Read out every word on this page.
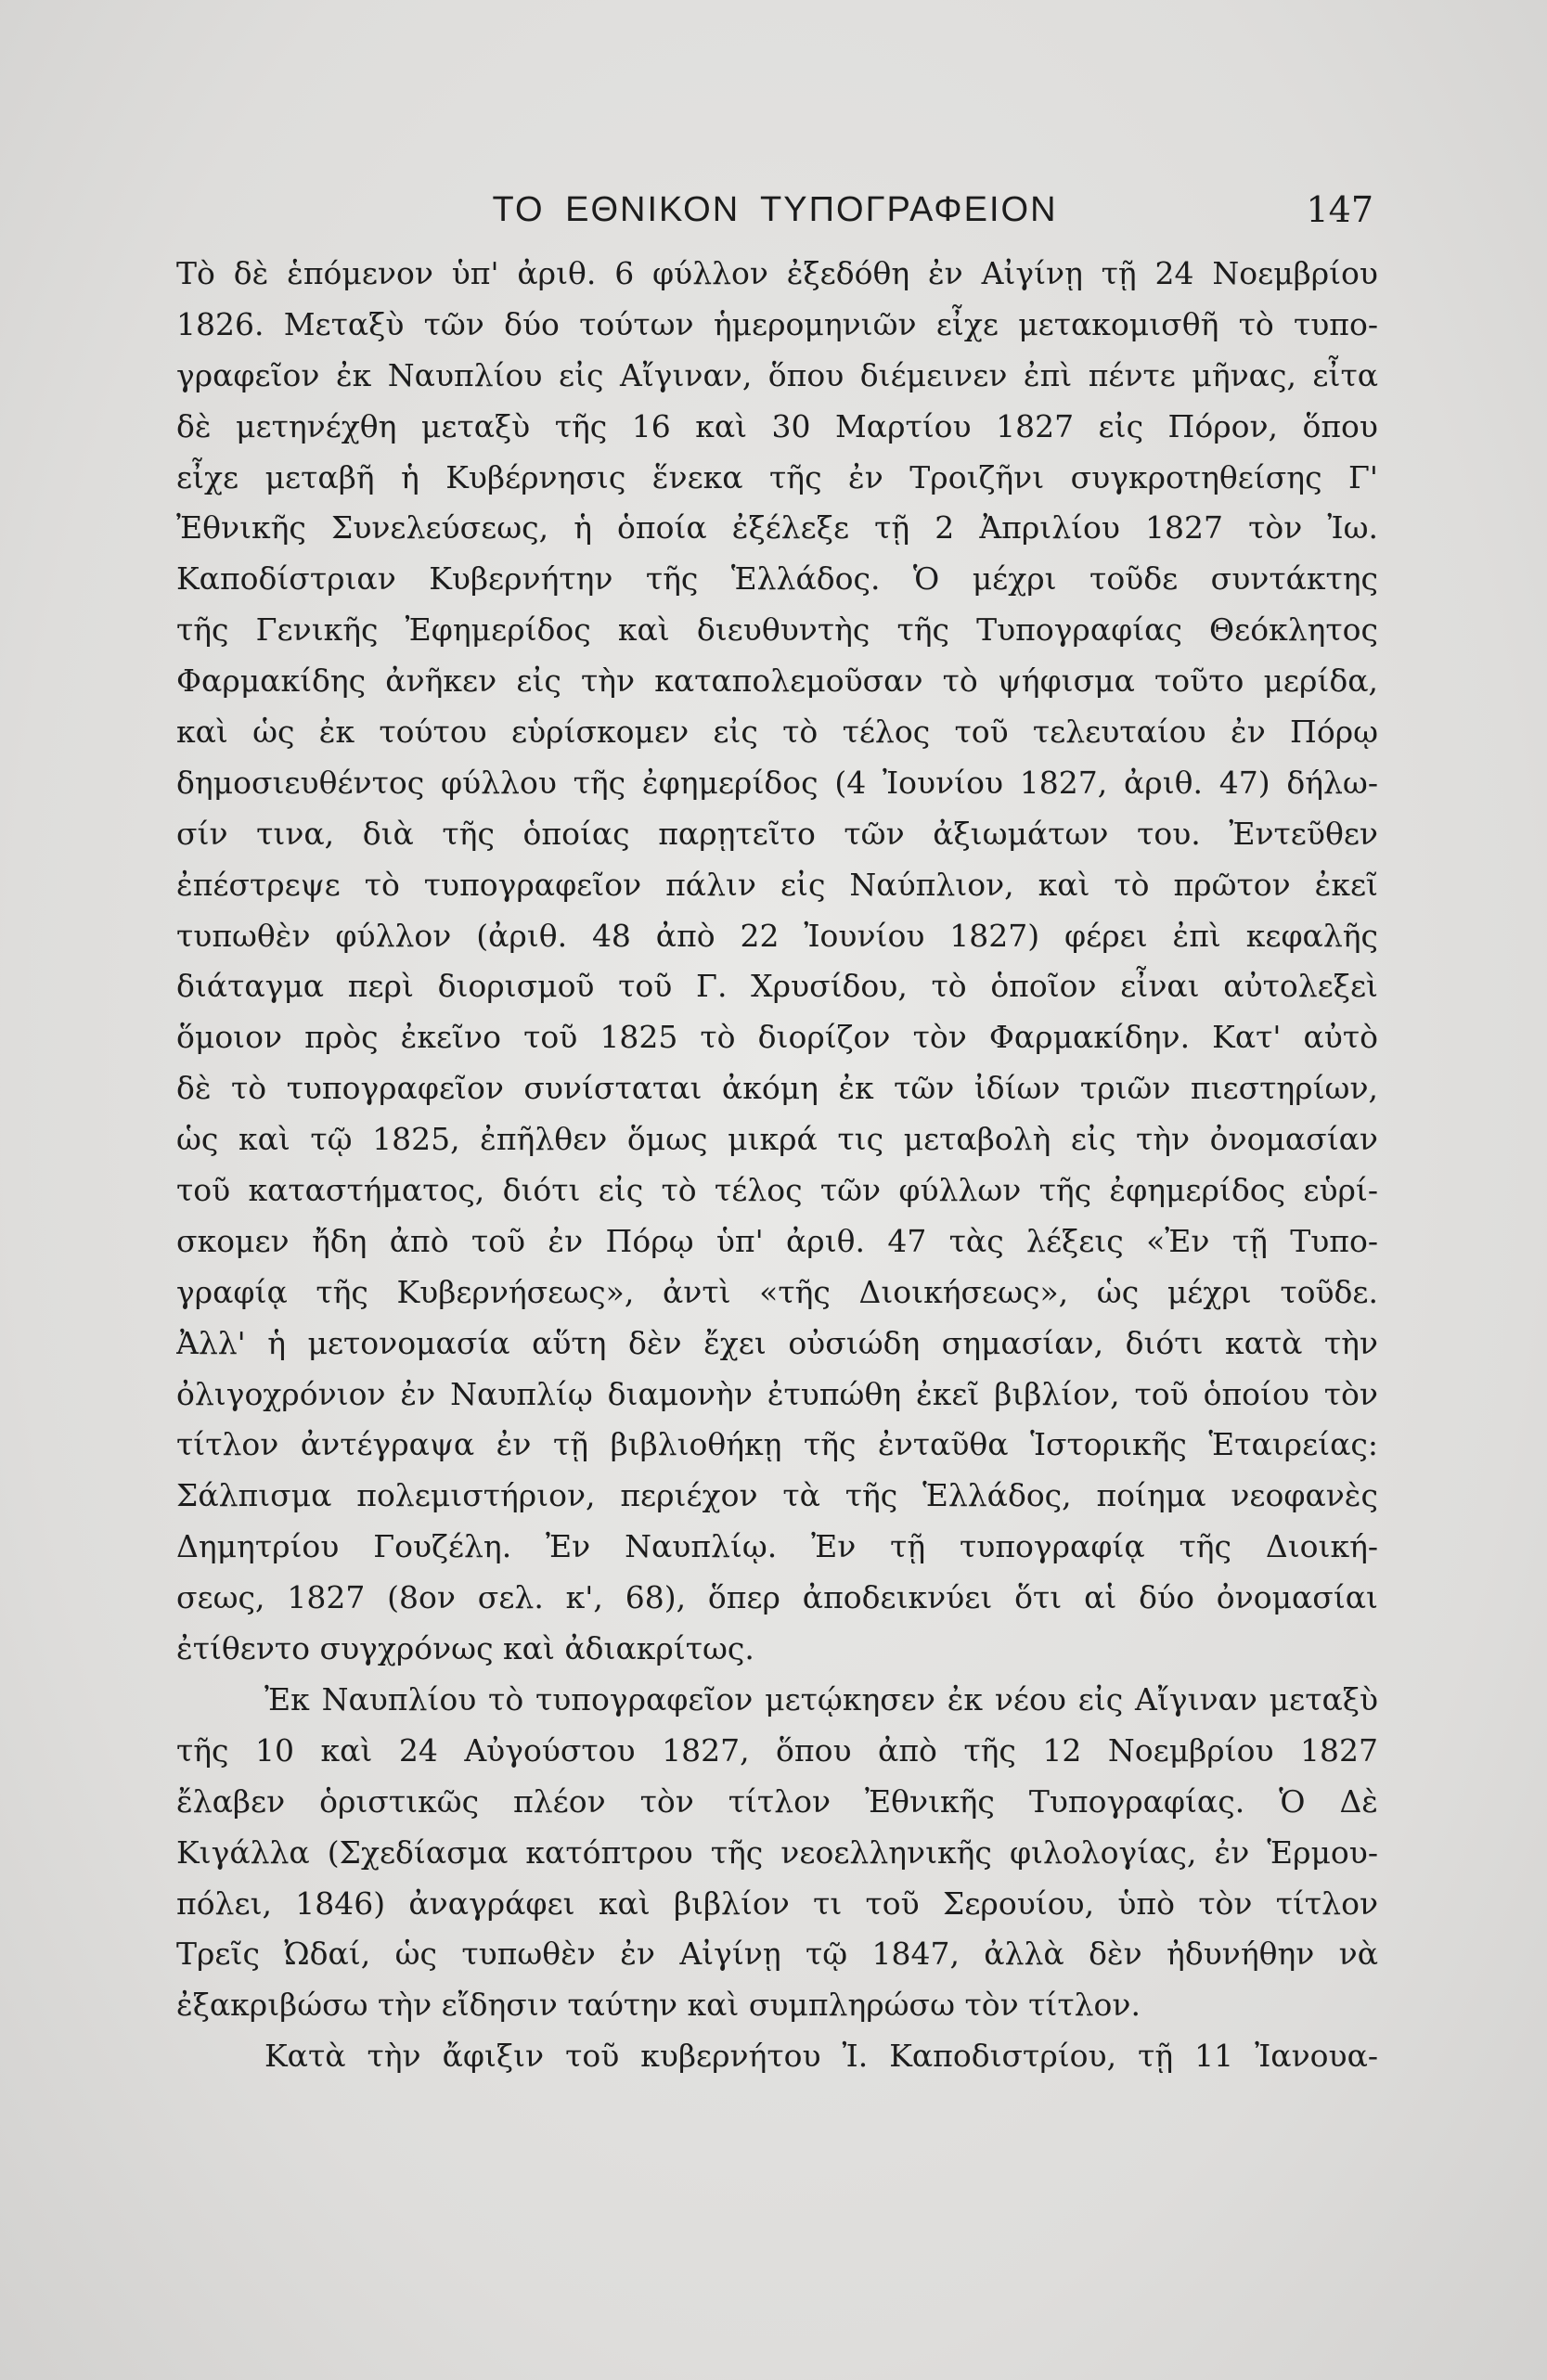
ΤΟ ΕΘΝΙΚΟΝ ΤΥΠΟΓΡΑΦΕΙΟΝ	147
Τὸ δὲ ἑπόμενον ὑπ' ἀριθ. 6 φύλλον ἐξεδόθη ἐν Αἰγίνῃ τῇ 24 Νοεμβρίου
1826. Μεταξὺ τῶν δύο τούτων ἡμερομηνιῶν εἶχε μετακομισθῆ τὸ τυπο-
γραφεῖον ἐκ Ναυπλίου εἰς Αἴγιναν, ὅπου διέμεινεν ἐπὶ πέντε μῆνας, εἶτα
δὲ μετηνέχθη μεταξὺ τῆς 16 καὶ 30 Μαρτίου 1827 εἰς Πόρον, ὅπου
εἶχε μεταβῆ ἡ Κυβέρνησις ἕνεκα τῆς ἐν Τροιζῆνι συγκροτηθείσης Γ'
Ἐθνικῆς Συνελεύσεως, ἡ ὁποία ἐξέλεξε τῇ 2 Ἀπριλίου 1827 τὸν Ἰω.
Καποδίστριαν Κυβερνήτην τῆς Ἑλλάδος. Ὁ μέχρι τοῦδε συντάκτης
τῆς Γενικῆς Ἐφημερίδος καὶ διευθυντὴς τῆς Τυπογραφίας Θεόκλητος
Φαρμακίδης ἀνῆκεν εἰς τὴν καταπολεμοῦσαν τὸ ψήφισμα τοῦτο μερίδα,
καὶ ὡς ἐκ τούτου εὑρίσκομεν εἰς τὸ τέλος τοῦ τελευταίου ἐν Πόρῳ
δημοσιευθέντος φύλλου τῆς ἐφημερίδος (4 Ἰουνίου 1827, ἀριθ. 47) δήλω-
σίν τινα, διὰ τῆς ὁποίας παρῃτεῖτο τῶν ἀξιωμάτων του. Ἐντεῦθεν
ἐπέστρεψε τὸ τυπογραφεῖον πάλιν εἰς Ναύπλιον, καὶ τὸ πρῶτον ἐκεῖ
τυπωθὲν φύλλον (ἀριθ. 48 ἀπὸ 22 Ἰουνίου 1827) φέρει ἐπὶ κεφαλῆς
διάταγμα περὶ διορισμοῦ τοῦ Γ. Χρυσίδου, τὸ ὁποῖον εἶναι αὐτολεξεὶ
ὅμοιον πρὸς ἐκεῖνο τοῦ 1825 τὸ διορίζον τὸν Φαρμακίδην. Κατ' αὐτὸ
δὲ τὸ τυπογραφεῖον συνίσταται ἀκόμη ἐκ τῶν ἰδίων τριῶν πιεστηρίων,
ὡς καὶ τῷ 1825, ἐπῆλθεν ὅμως μικρά τις μεταβολὴ εἰς τὴν ὀνομασίαν
τοῦ καταστήματος, διότι εἰς τὸ τέλος τῶν φύλλων τῆς ἐφημερίδος εὑρί-
σκομεν ἤδη ἀπὸ τοῦ ἐν Πόρῳ ὑπ' ἀριθ. 47 τὰς λέξεις «Ἐν τῇ Τυπο-
γραφίᾳ τῆς Κυβερνήσεως», ἀντὶ «τῆς Διοικήσεως», ὡς μέχρι τοῦδε.
Ἀλλ' ἡ μετονομασία αὕτη δὲν ἔχει οὐσιώδη σημασίαν, διότι κατὰ τὴν
ὀλιγοχρόνιον ἐν Ναυπλίῳ διαμονὴν ἐτυπώθη ἐκεῖ βιβλίον, τοῦ ὁποίου τὸν
τίτλον ἀντέγραψα ἐν τῇ βιβλιοθήκῃ τῆς ἐνταῦθα Ἱστορικῆς Ἑταιρείας:
Σάλπισμα πολεμιστήριον, περιέχον τὰ τῆς Ἑλλάδος, ποίημα νεοφανὲς
Δημητρίου Γουζέλη. Ἐν Ναυπλίῳ. Ἐν τῇ τυπογραφίᾳ τῆς Διοική-
σεως, 1827 (8ον σελ. κ', 68), ὅπερ ἀποδεικνύει ὅτι αἱ δύο ὀνομασίαι
ἐτίθεντο συγχρόνως καὶ ἀδιακρίτως.
Ἐκ Ναυπλίου τὸ τυπογραφεῖον μετῴκησεν ἐκ νέου εἰς Αἴγιναν μεταξὺ
τῆς 10 καὶ 24 Αὐγούστου 1827, ὅπου ἀπὸ τῆς 12 Νοεμβρίου 1827
ἔλαβεν ὁριστικῶς πλέον τὸν τίτλον Ἐθνικῆς Τυπογραφίας. Ὁ Δὲ
Κιγάλλα (Σχεδίασμα κατόπτρου τῆς νεοελληνικῆς φιλολογίας, ἐν Ἑρμου-
πόλει, 1846) ἀναγράφει καὶ βιβλίον τι τοῦ Σερουίου, ὑπὸ τὸν τίτλον
Τρεῖς Ὠδαί, ὡς τυπωθὲν ἐν Αἰγίνῃ τῷ 1847, ἀλλὰ δὲν ἠδυνήθην νὰ
ἐξακριβώσω τὴν εἴδησιν ταύτην καὶ συμπληρώσω τὸν τίτλον.
Κατὰ τὴν ἄφιξιν τοῦ κυβερνήτου Ἰ. Καποδιστρίου, τῇ 11 Ἰανουα-
